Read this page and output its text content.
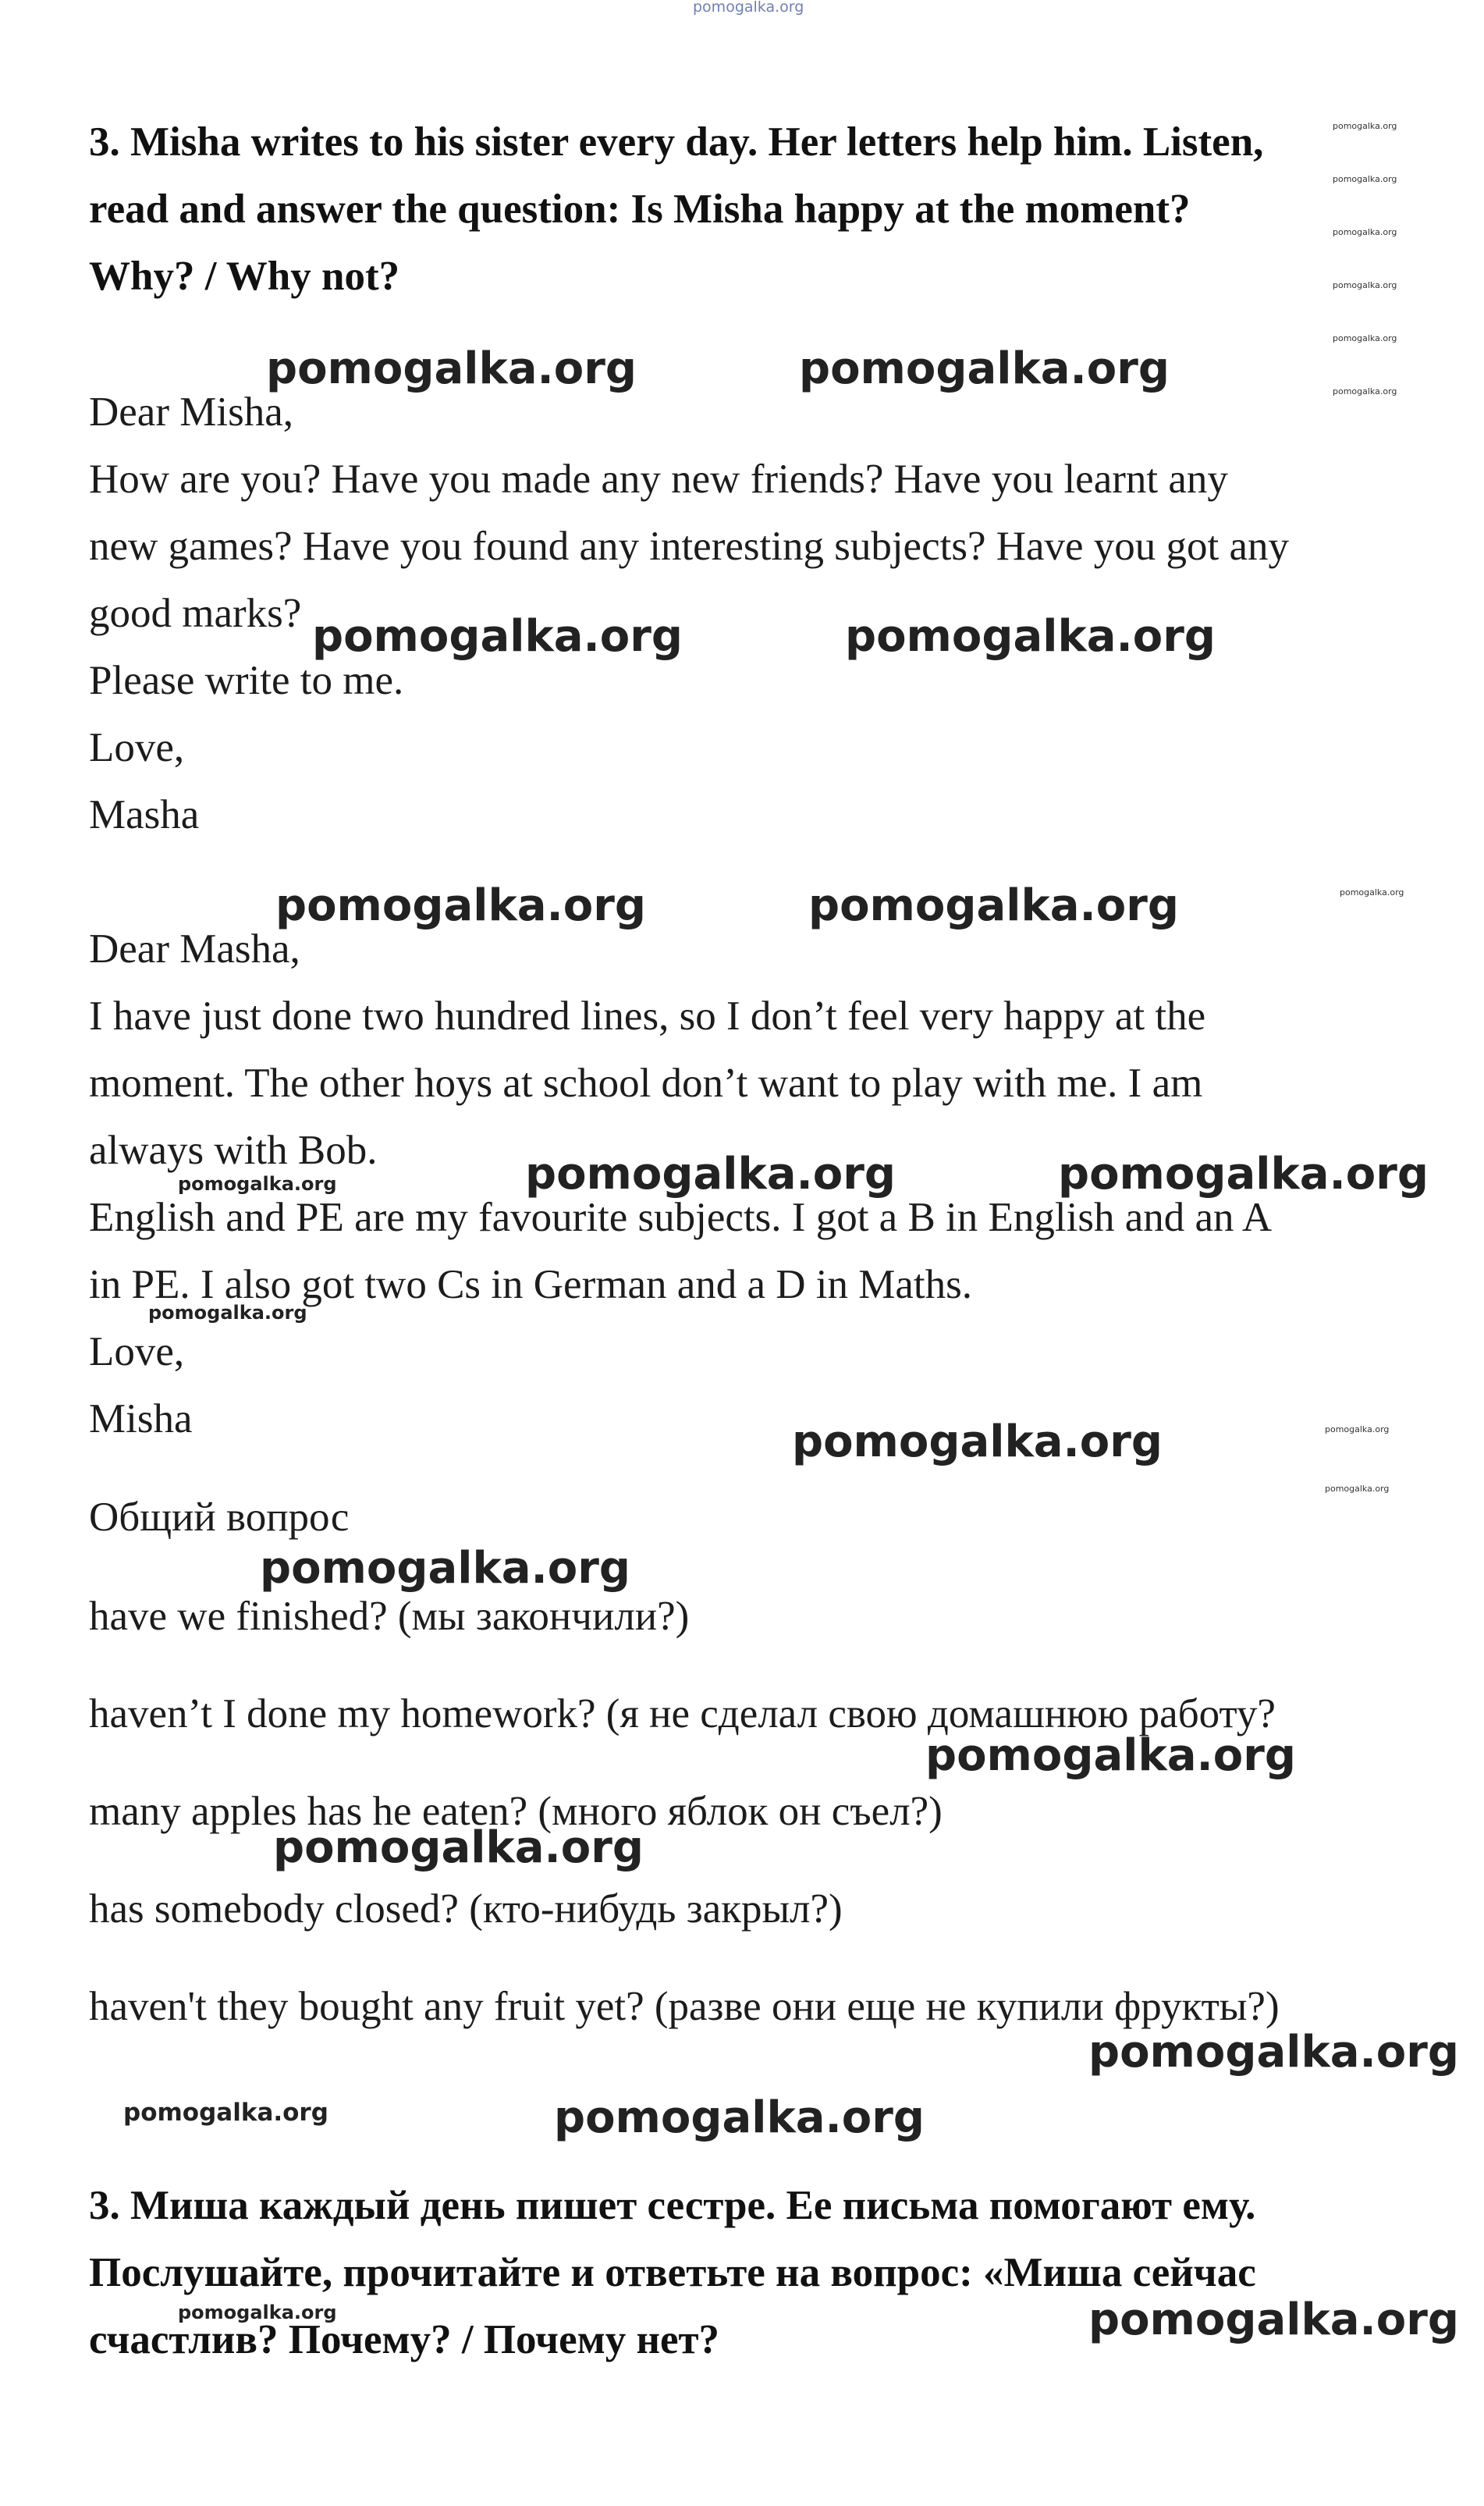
pomogalka.org
3. Misha writes to his sister every day. Her letters help him. Listen,
read and answer the question: Is Misha happy at the moment?
Why? / Why not?
pomogalka.org
pomogalka.org
pomogalka.org
pomogalka.org
pomogalka.org
pomogalka.org
pomogalka.org	pomogalka.org
Dear Misha,
How are you? Have you made any new friends? Have you learnt any
new games? Have you found any interesting subjects? Have you got any
good marks?
Please write to me.
Love,
Masha
pomogalka.org	pomogalka.org
pomogalka.org	pomogalka.org	pomogalka.org
Dear Masha,
I have just done two hundred lines, so I don’t feel very happy at the
moment. The other hoys at school don’t want to play with me. I am
always with Bob.
English and PE are my favourite subjects. I got a B in English and an A
in PE. I also got two Cs in German and a D in Maths.
Love,
Misha
pomogalka.org	pomogalka.org
pomogalka.org
pomogalka.org
pomogalka.org	pomogalka.org
pomogalka.org
Общий вопрос
pomogalka.org
have we finished? (мы закончили?)
haven’t I done my homework? (я не сделал свою домашнюю работу?
pomogalka.org
many apples has he eaten? (много яблок он съел?)
pomogalka.org
has somebody closed? (кто-нибудь закрыл?)
haven't they bought any fruit yet? (разве они еще не купили фрукты?)
pomogalka.org
pomogalka.org	pomogalka.org
3. Миша каждый день пишет сестре. Ее письма помогают ему.
Послушайте, прочитайте и ответьте на вопрос: «Миша сейчас
pomogalka.org	pomogalka.org
счастлив? Почему? / Почему нет?
